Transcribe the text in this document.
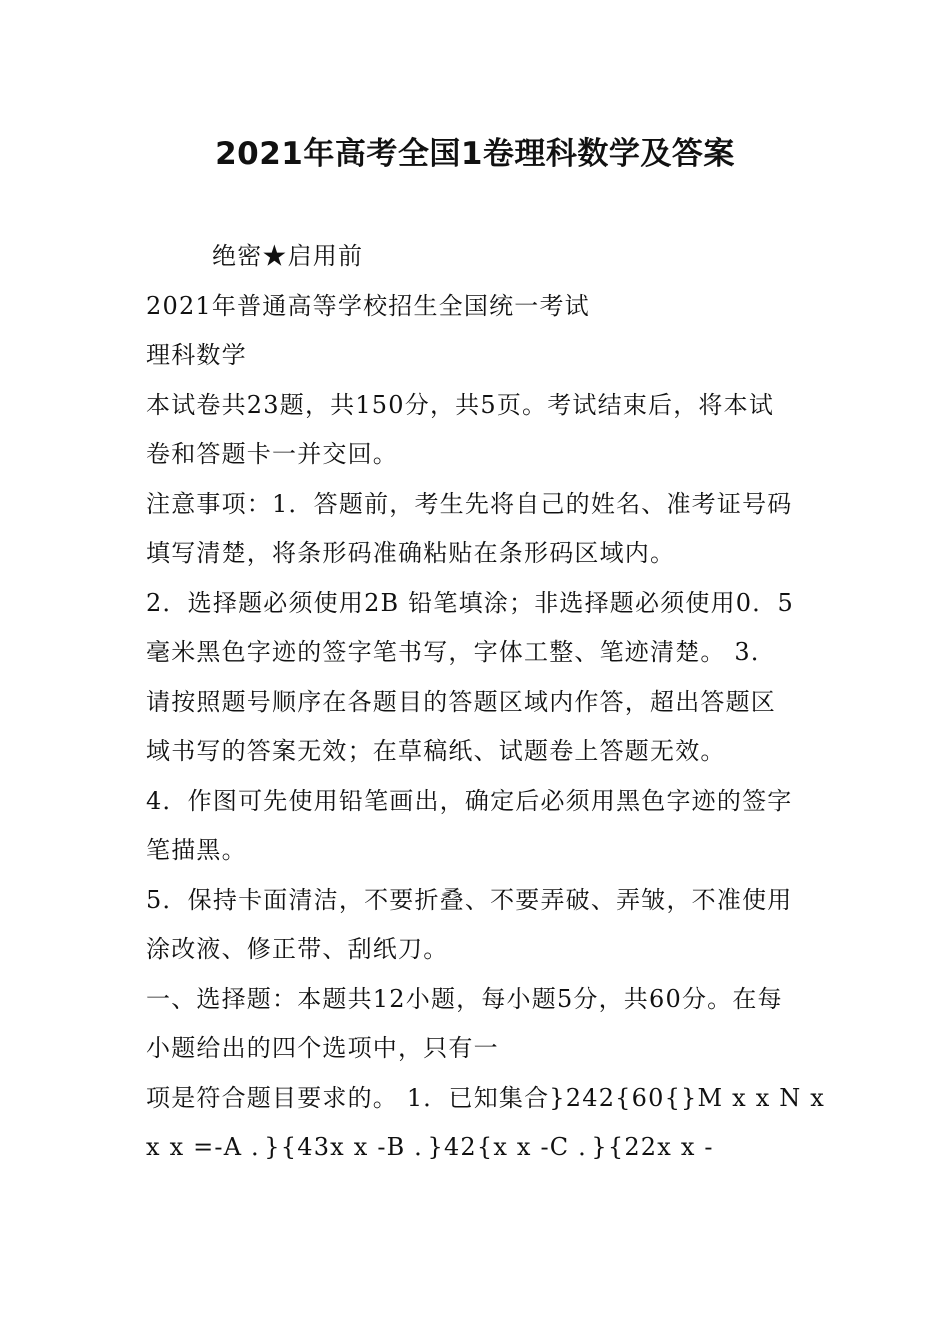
2021年高考全国1卷理科数学及答案

绝密★启用前

2021年普通高等学校招生全国统一考试

理科数学

本试卷共23题，共150分，共5页。考试结束后，将本试

卷和答题卡一并交回。

注意事项：1．答题前，考生先将自己的姓名、准考证号码

填写清楚，将条形码准确粘贴在条形码区域内。

2．选择题必须使用2B 铅笔填涂；非选择题必须使用0．5

毫米黑色字迹的签字笔书写，字体工整、笔迹清楚。 3．

请按照题号顺序在各题目的答题区域内作答，超出答题区

域书写的答案无效；在草稿纸、试题卷上答题无效。

4．作图可先使用铅笔画出，确定后必须用黑色字迹的签字

笔描黑。

5．保持卡面清洁，不要折叠、不要弄破、弄皱，不准使用

涂改液、修正带、刮纸刀。

一、选择题：本题共12小题，每小题5分，共60分。在每

小题给出的四个选项中，只有一

项是符合题目要求的。 1．已知集合}242{60{}M x x N x

x x =-A ．}{43x x -B ．}42{x x -C ．}{22x x -
